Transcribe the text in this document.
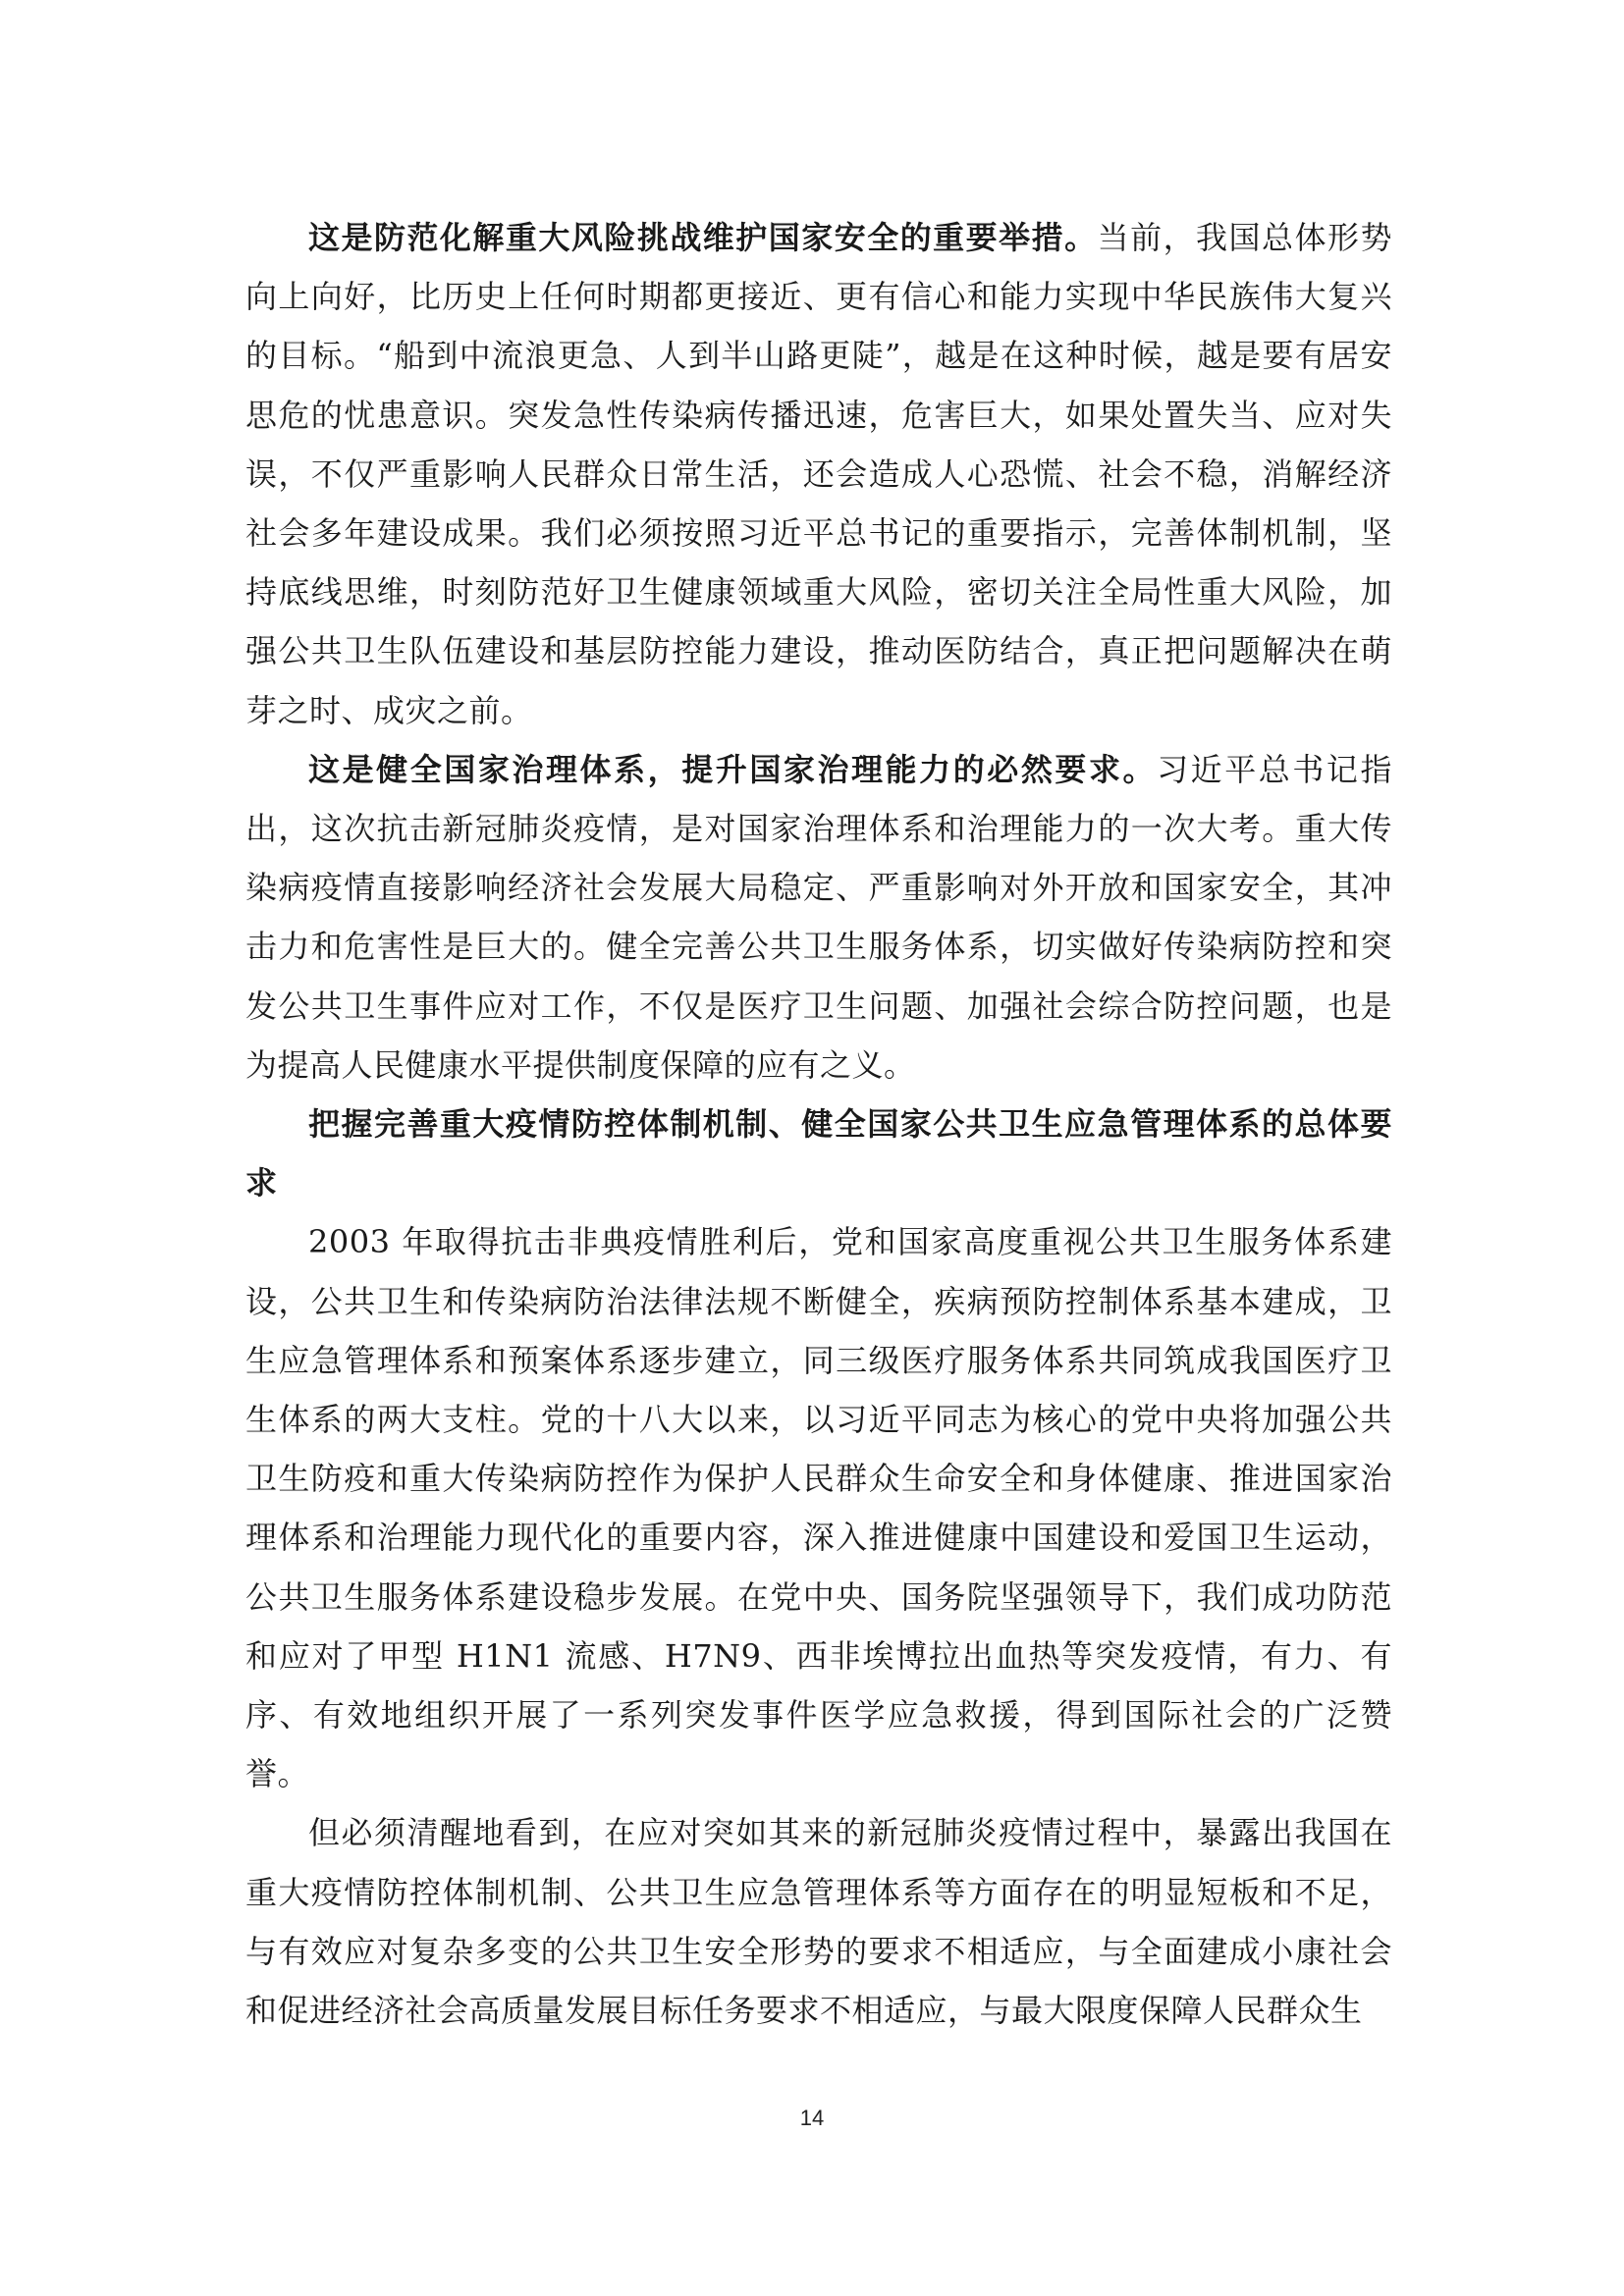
这是防范化解重大风险挑战维护国家安全的重要举措。当前，我国总体形势向上向好，比历史上任何时期都更接近、更有信心和能力实现中华民族伟大复兴的目标。“船到中流浪更急、人到半山路更陡”，越是在这种时候，越是要有居安思危的忧患意识。突发急性传染病传播迅速，危害巨大，如果处置失当、应对失误，不仅严重影响人民群众日常生活，还会造成人心恐慌、社会不稳，消解经济社会多年建设成果。我们必须按照习近平总书记的重要指示，完善体制机制，坚持底线思维，时刻防范好卫生健康领域重大风险，密切关注全局性重大风险，加强公共卫生队伍建设和基层防控能力建设，推动医防结合，真正把问题解决在萌芽之时、成灾之前。

这是健全国家治理体系，提升国家治理能力的必然要求。习近平总书记指出，这次抗击新冠肺炎疫情，是对国家治理体系和治理能力的一次大考。重大传染病疫情直接影响经济社会发展大局稳定、严重影响对外开放和国家安全，其冲击力和危害性是巨大的。健全完善公共卫生服务体系，切实做好传染病防控和突发公共卫生事件应对工作，不仅是医疗卫生问题、加强社会综合防控问题，也是为提高人民健康水平提供制度保障的应有之义。

把握完善重大疫情防控体制机制、健全国家公共卫生应急管理体系的总体要求

2003 年取得抗击非典疫情胜利后，党和国家高度重视公共卫生服务体系建设，公共卫生和传染病防治法律法规不断健全，疾病预防控制体系基本建成，卫生应急管理体系和预案体系逐步建立，同三级医疗服务体系共同筑成我国医疗卫生体系的两大支柱。党的十八大以来，以习近平同志为核心的党中央将加强公共卫生防疫和重大传染病防控作为保护人民群众生命安全和身体健康、推进国家治理体系和治理能力现代化的重要内容，深入推进健康中国建设和爱国卫生运动，公共卫生服务体系建设稳步发展。在党中央、国务院坚强领导下，我们成功防范和应对了甲型 H1N1 流感、H7N9、西非埃博拉出血热等突发疫情，有力、有序、有效地组织开展了一系列突发事件医学应急救援，得到国际社会的广泛赞誉。

但必须清醒地看到，在应对突如其来的新冠肺炎疫情过程中，暴露出我国在重大疫情防控体制机制、公共卫生应急管理体系等方面存在的明显短板和不足，与有效应对复杂多变的公共卫生安全形势的要求不相适应，与全面建成小康社会和促进经济社会高质量发展目标任务要求不相适应，与最大限度保障人民群众生

14
